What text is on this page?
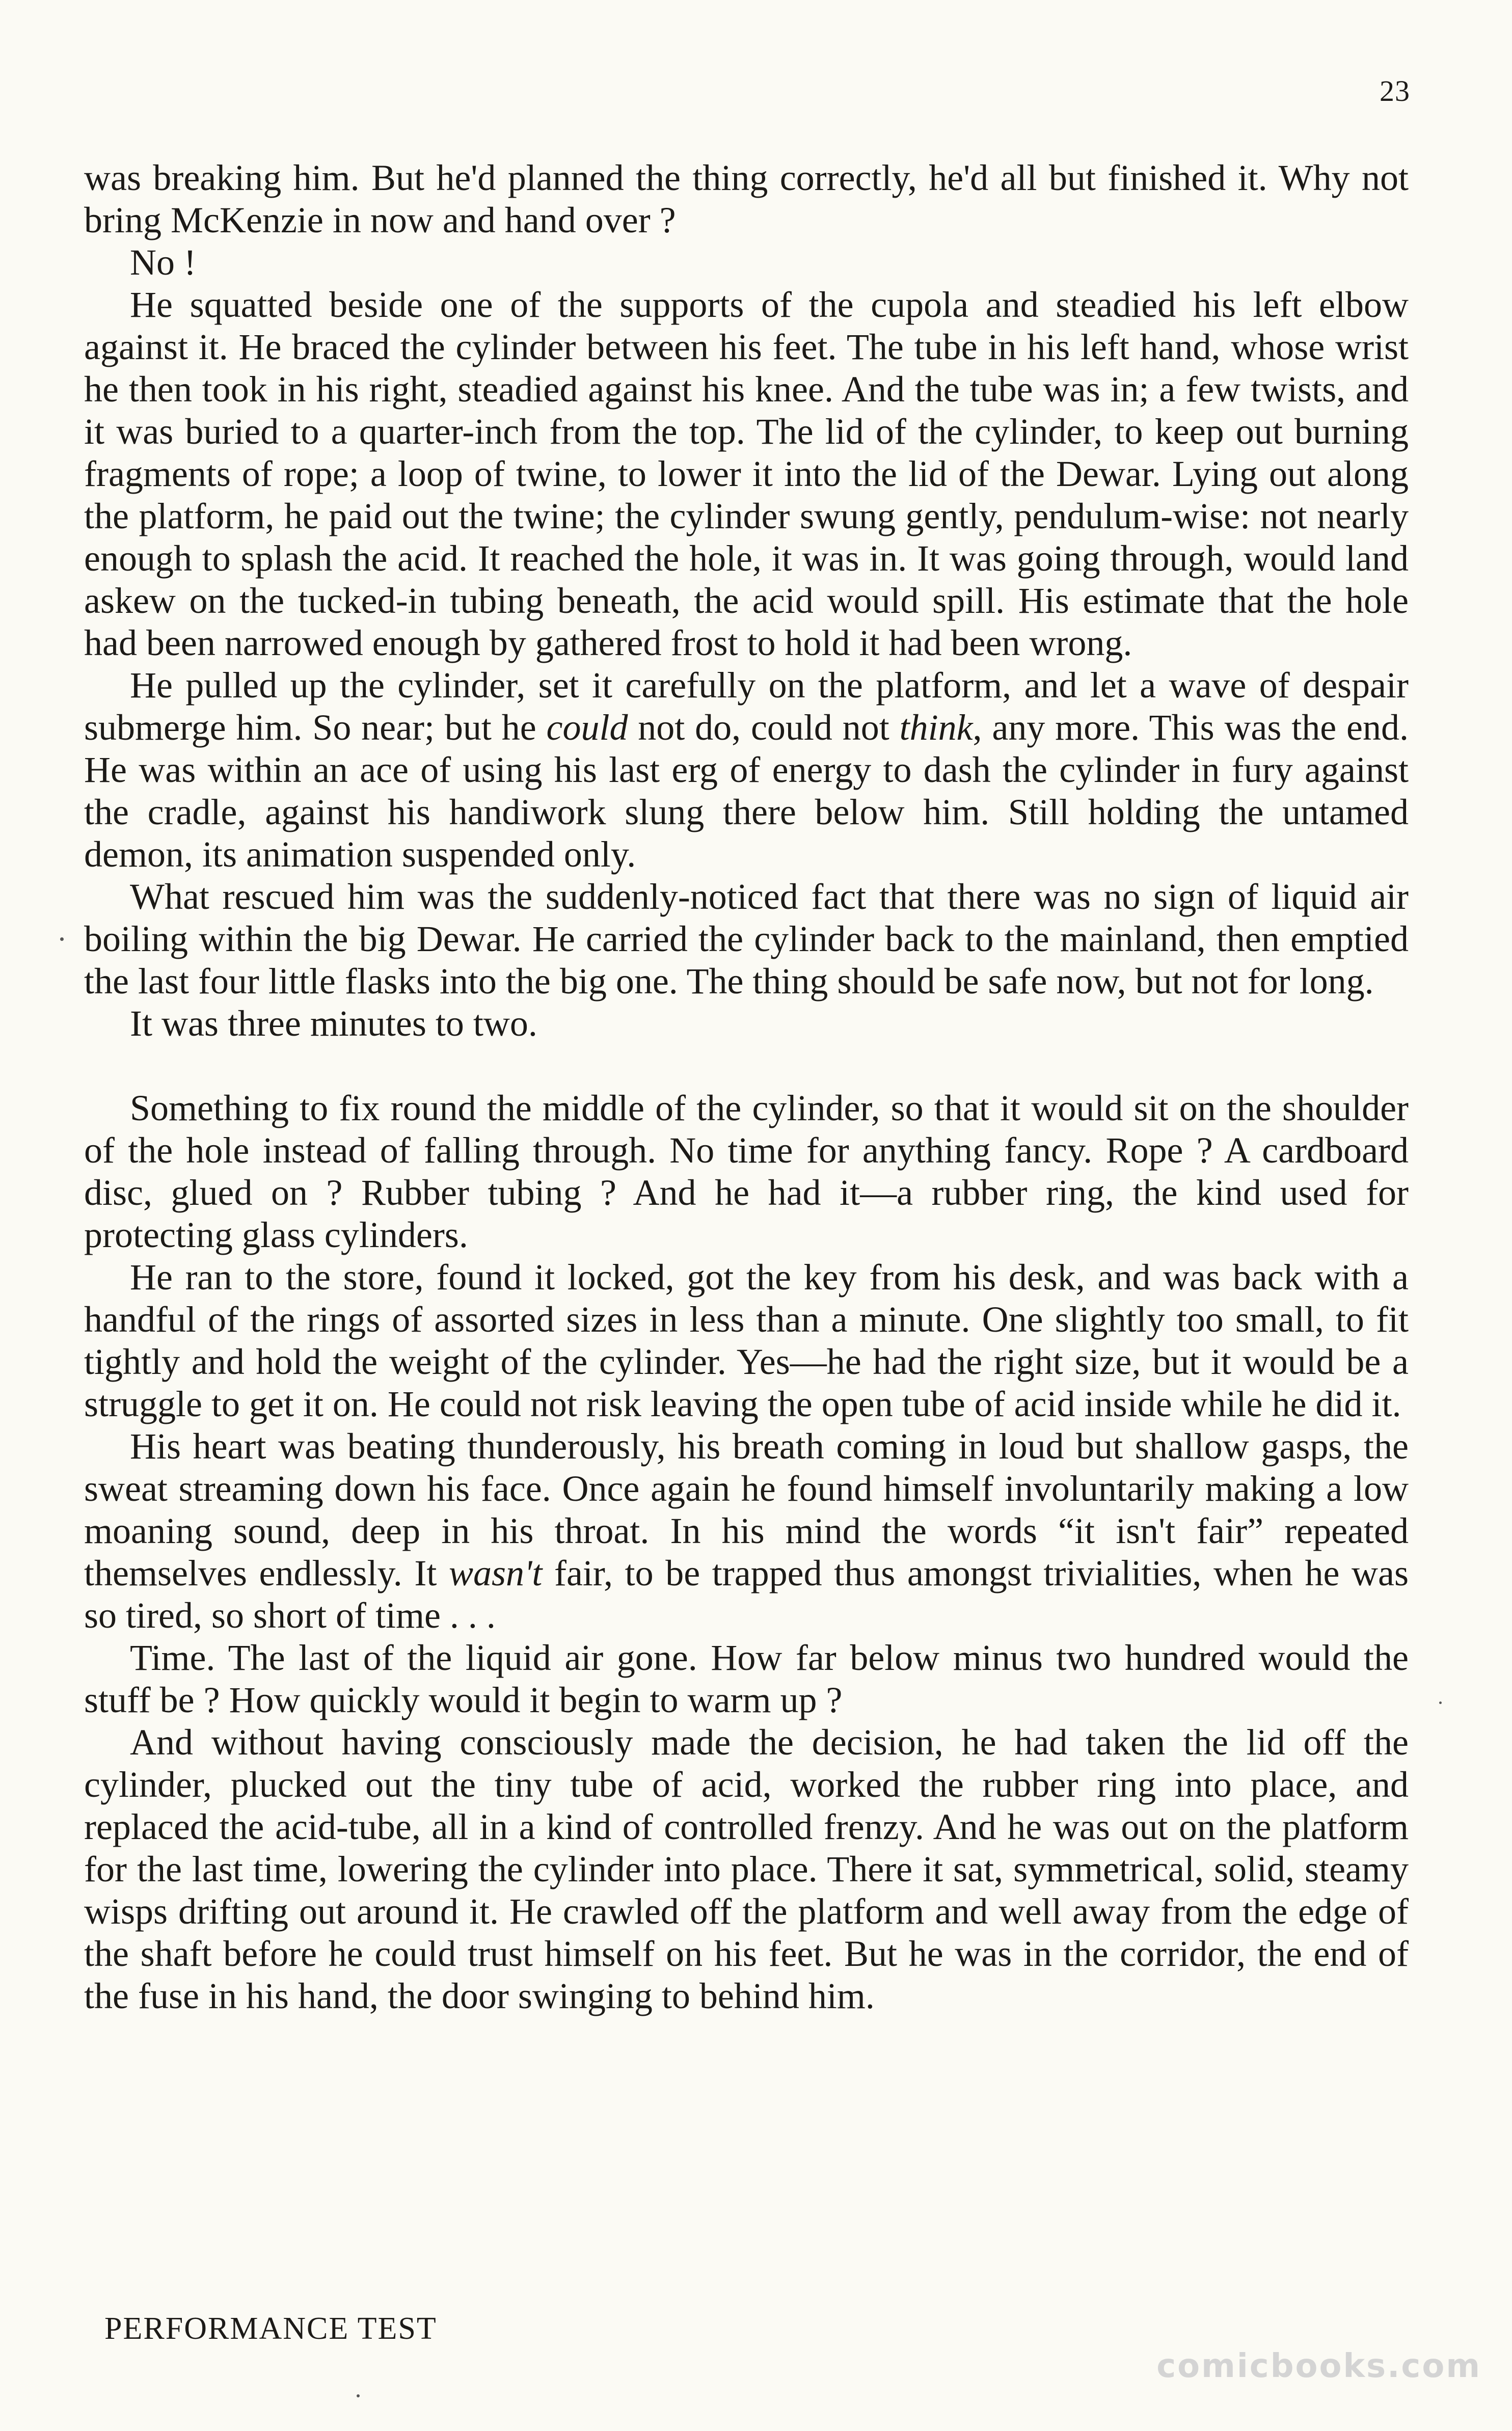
23

was breaking him. But he'd planned the thing correctly, he'd all but finished it. Why not bring McKenzie in now and hand over ?

No !

He squatted beside one of the supports of the cupola and steadied his left elbow against it. He braced the cylinder between his feet. The tube in his left hand, whose wrist he then took in his right, steadied against his knee. And the tube was in; a few twists, and it was buried to a quarter-inch from the top. The lid of the cylinder, to keep out burning fragments of rope; a loop of twine, to lower it into the lid of the Dewar. Lying out along the platform, he paid out the twine; the cylinder swung gently, pendulum-wise: not nearly enough to splash the acid. It reached the hole, it was in. It was going through, would land askew on the tucked-in tubing beneath, the acid would spill. His estimate that the hole had been narrowed enough by gathered frost to hold it had been wrong.

He pulled up the cylinder, set it carefully on the platform, and let a wave of despair submerge him. So near; but he could not do, could not think, any more. This was the end. He was within an ace of using his last erg of energy to dash the cylinder in fury against the cradle, against his handiwork slung there below him. Still holding the untamed demon, its animation suspended only.

What rescued him was the suddenly-noticed fact that there was no sign of liquid air boiling within the big Dewar. He carried the cylinder back to the mainland, then emptied the last four little flasks into the big one. The thing should be safe now, but not for long.

It was three minutes to two.

Something to fix round the middle of the cylinder, so that it would sit on the shoulder of the hole instead of falling through. No time for anything fancy. Rope ? A cardboard disc, glued on ? Rubber tubing ? And he had it—a rubber ring, the kind used for protecting glass cylinders.

He ran to the store, found it locked, got the key from his desk, and was back with a handful of the rings of assorted sizes in less than a minute. One slightly too small, to fit tightly and hold the weight of the cylinder. Yes—he had the right size, but it would be a struggle to get it on. He could not risk leaving the open tube of acid inside while he did it.

His heart was beating thunderously, his breath coming in loud but shallow gasps, the sweat streaming down his face. Once again he found himself involuntarily making a low moaning sound, deep in his throat. In his mind the words “it isn't fair” repeated themselves endlessly. It wasn't fair, to be trapped thus amongst trivialities, when he was so tired, so short of time . . .

Time. The last of the liquid air gone. How far below minus two hundred would the stuff be ? How quickly would it begin to warm up ?

And without having consciously made the decision, he had taken the lid off the cylinder, plucked out the tiny tube of acid, worked the rubber ring into place, and replaced the acid-tube, all in a kind of controlled frenzy. And he was out on the platform for the last time, lowering the cylinder into place. There it sat, symmetrical, solid, steamy wisps drifting out around it. He crawled off the platform and well away from the edge of the shaft before he could trust himself on his feet. But he was in the corridor, the end of the fuse in his hand, the door swinging to behind him.

PERFORMANCE TEST
comicbooks.com
